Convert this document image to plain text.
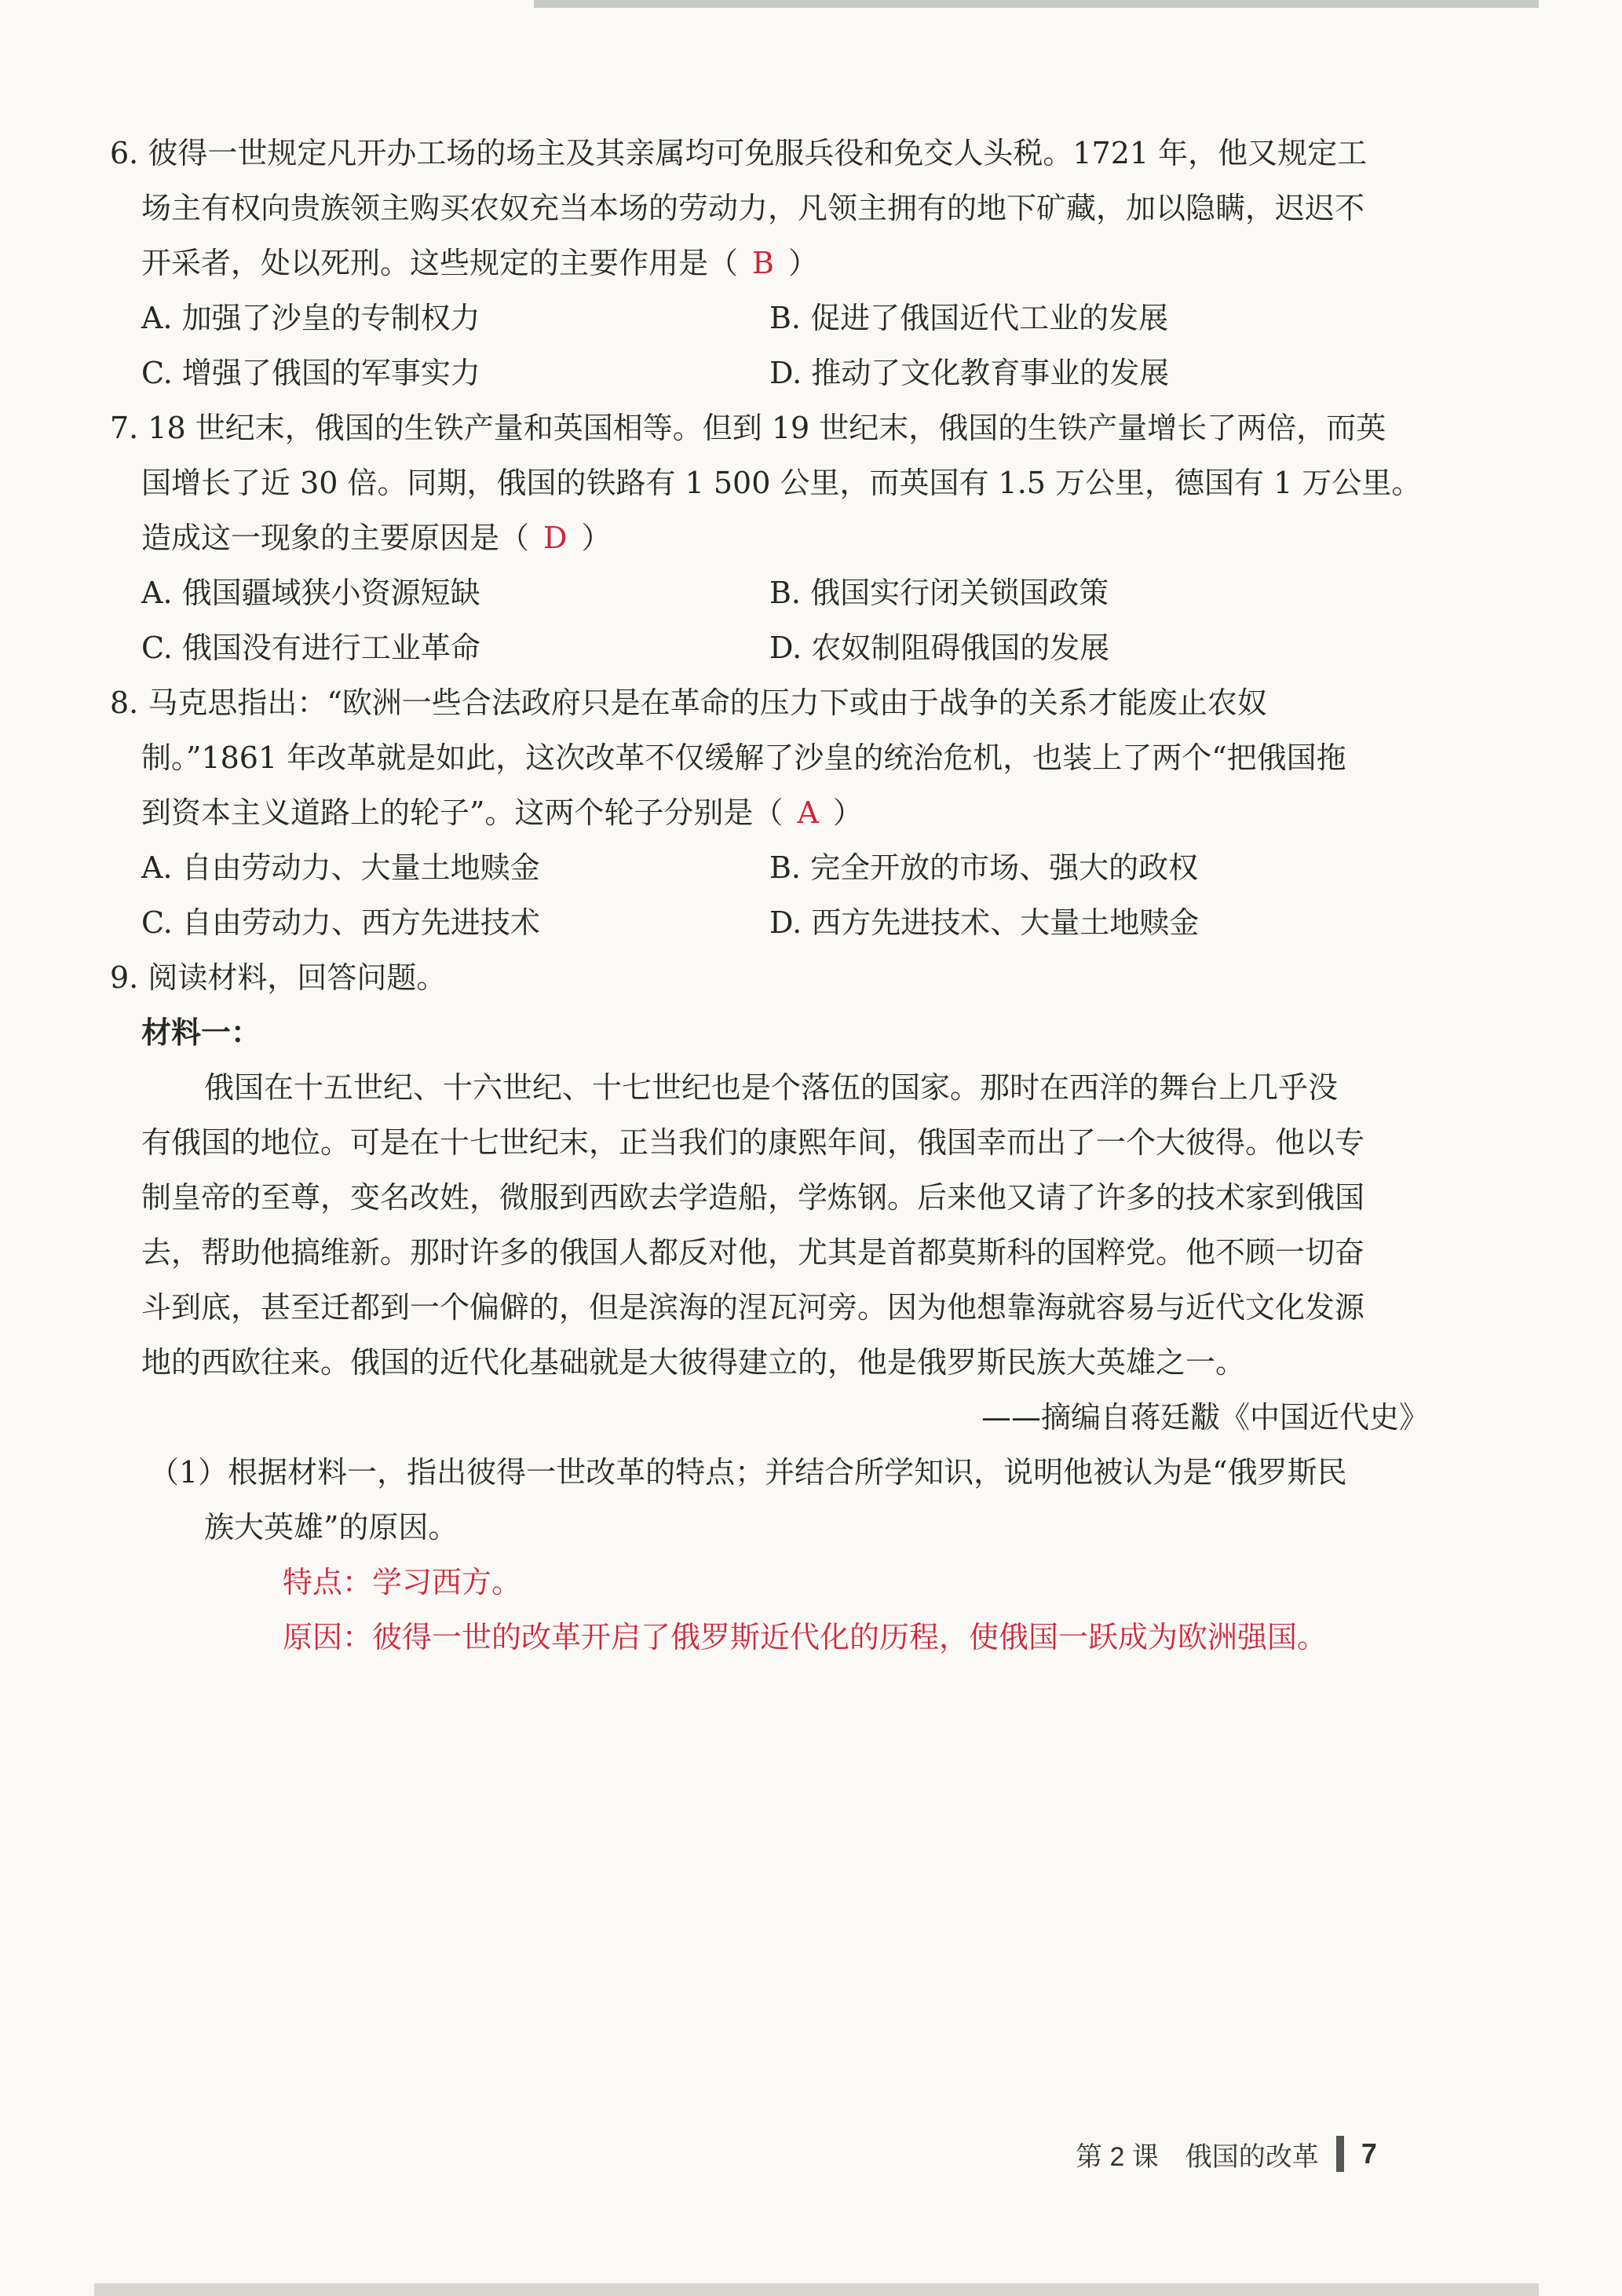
6. 彼得一世规定凡开办工场的场主及其亲属均可免服兵役和免交人头税。1721 年，他又规定工
场主有权向贵族领主购买农奴充当本场的劳动力，凡领主拥有的地下矿藏，加以隐瞒，迟迟不
开采者，处以死刑。这些规定的主要作用是（ B ）
A. 加强了沙皇的专制权力	B. 促进了俄国近代工业的发展
C. 增强了俄国的军事实力	D. 推动了文化教育事业的发展
7. 18 世纪末，俄国的生铁产量和英国相等。但到 19 世纪末，俄国的生铁产量增长了两倍，而英
国增长了近 30 倍。同期，俄国的铁路有 1 500 公里，而英国有 1.5 万公里，德国有 1 万公里。
造成这一现象的主要原因是（ D ）
A. 俄国疆域狭小资源短缺	B. 俄国实行闭关锁国政策
C. 俄国没有进行工业革命	D. 农奴制阻碍俄国的发展
8. 马克思指出：“欧洲一些合法政府只是在革命的压力下或由于战争的关系才能废止农奴
制。”1861 年改革就是如此，这次改革不仅缓解了沙皇的统治危机，也装上了两个“把俄国拖
到资本主义道路上的轮子”。这两个轮子分别是（ A ）
A. 自由劳动力、大量土地赎金	B. 完全开放的市场、强大的政权
C. 自由劳动力、西方先进技术	D. 西方先进技术、大量土地赎金
9. 阅读材料，回答问题。
材料一：
俄国在十五世纪、十六世纪、十七世纪也是个落伍的国家。那时在西洋的舞台上几乎没
有俄国的地位。可是在十七世纪末，正当我们的康熙年间，俄国幸而出了一个大彼得。他以专
制皇帝的至尊，变名改姓，微服到西欧去学造船，学炼钢。后来他又请了许多的技术家到俄国
去，帮助他搞维新。那时许多的俄国人都反对他，尤其是首都莫斯科的国粹党。他不顾一切奋
斗到底，甚至迁都到一个偏僻的，但是滨海的涅瓦河旁。因为他想靠海就容易与近代文化发源
地的西欧往来。俄国的近代化基础就是大彼得建立的，他是俄罗斯民族大英雄之一。
——摘编自蒋廷黻《中国近代史》
（1）根据材料一，指出彼得一世改革的特点；并结合所学知识，说明他被认为是“俄罗斯民
族大英雄”的原因。
特点：学习西方。
原因：彼得一世的改革开启了俄罗斯近代化的历程，使俄国一跃成为欧洲强国。
第 2 课　俄国的改革 7
